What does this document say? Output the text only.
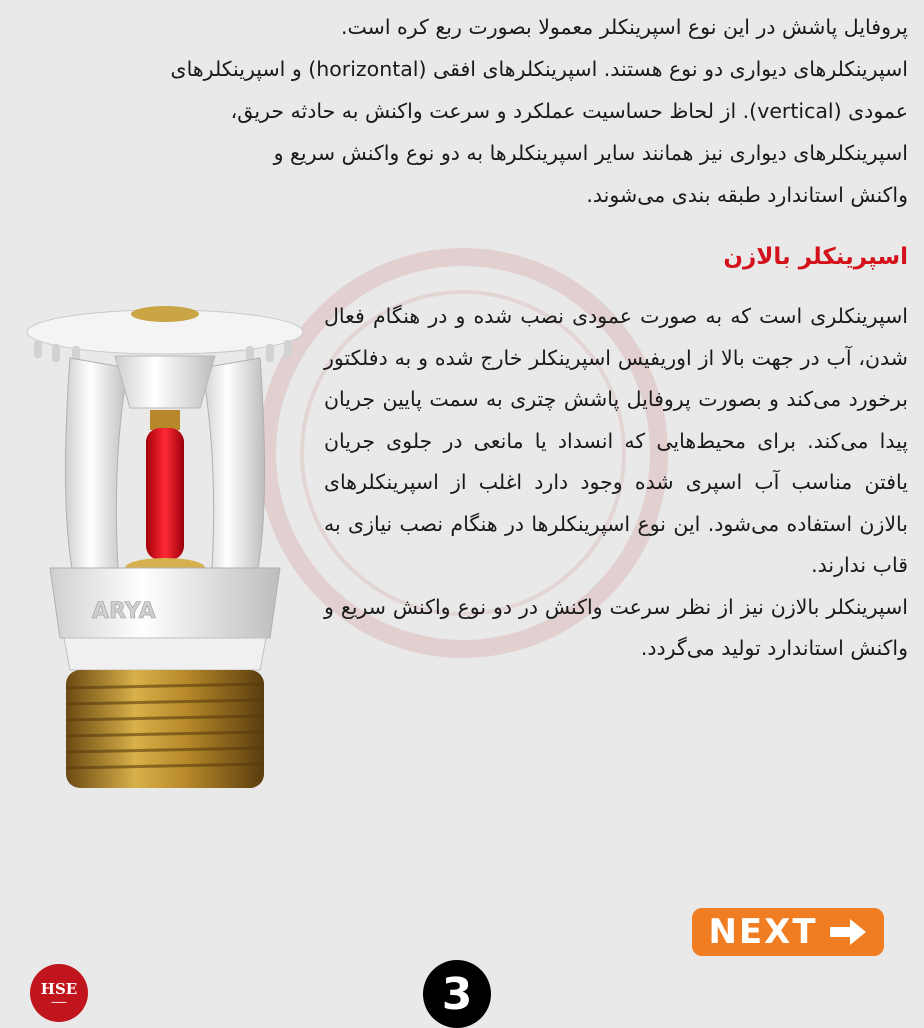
پروفایل پاشش در این نوع اسپرینکلر معمولا بصورت ربع کره است.
اسپرینکلرهای دیواری دو نوع هستند. اسپرینکلرهای افقی (horizontal) و اسپرینکلرهای
عمودی (vertical). از لحاظ حساسیت عملکرد و سرعت واکنش به حادثه حریق،
اسپرینکلرهای دیواری نیز همانند سایر اسپرینکلرها به دو نوع واکنش سریع و
واکنش استاندارد طبقه بندی می‌شوند.
اسپرینکلر بالازن

اسپرینکلری است که به صورت عمودی نصب شده و در هنگام فعال شدن، آب در جهت بالا از اوریفیس اسپرینکلر خارج شده و به دفلکتور برخورد می‌کند و بصورت پروفایل پاشش چتری به سمت پایین جریان پیدا می‌کند. برای محیط‌هایی که انسداد یا مانعی در جلوی جریان یافتن مناسب آب اسپری شده وجود دارد اغلب از اسپرینکلرهای بالازن استفاده می‌شود. این نوع اسپرینکلرها در هنگام نصب نیازی به قاب ندارند.

اسپرینکلر بالازن نیز از نظر سرعت واکنش در دو نوع واکنش سریع و واکنش استاندارد تولید می‌گردد.

ARYA
NEXT
3
HSE
━━━━━
